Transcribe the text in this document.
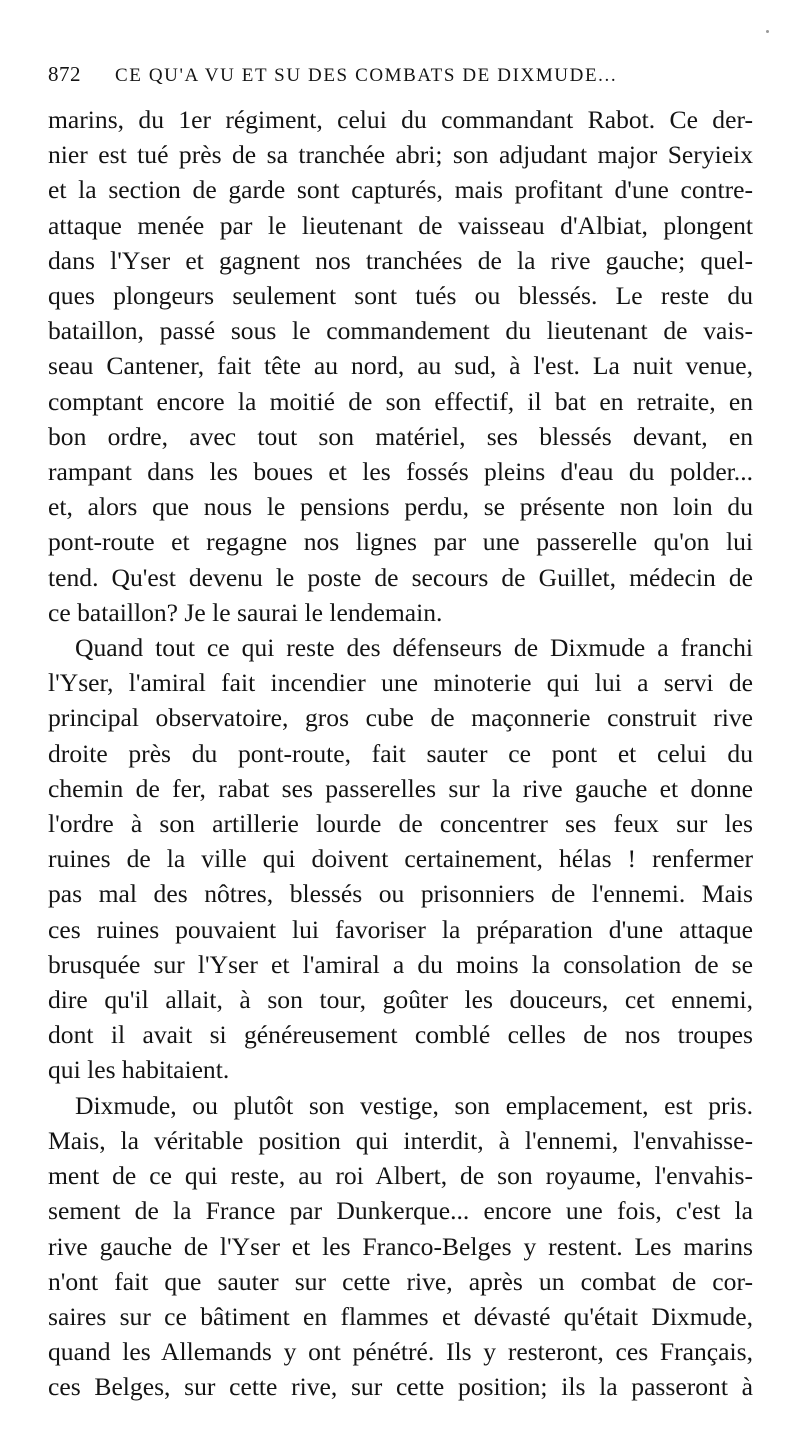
872 CE QU'A VU ET SU DES COMBATS DE DIXMUDE...

marins, du 1er régiment, celui du commandant Rabot. Ce der-

nier est tué près de sa tranchée abri; son adjudant major Seryieix

et la section de garde sont capturés, mais profitant d'une contre-

attaque menée par le lieutenant de vaisseau d'Albiat, plongent

dans l'Yser et gagnent nos tranchées de la rive gauche; quel-

ques plongeurs seulement sont tués ou blessés. Le reste du

bataillon, passé sous le commandement du lieutenant de vais-

seau Cantener, fait tête au nord, au sud, à l'est. La nuit venue,

comptant encore la moitié de son effectif, il bat en retraite, en

bon ordre, avec tout son matériel, ses blessés devant, en

rampant dans les boues et les fossés pleins d'eau du polder...

et, alors que nous le pensions perdu, se présente non loin du

pont-route et regagne nos lignes par une passerelle qu'on lui

tend. Qu'est devenu le poste de secours de Guillet, médecin de

ce bataillon? Je le saurai le lendemain.

Quand tout ce qui reste des défenseurs de Dixmude a franchi

l'Yser, l'amiral fait incendier une minoterie qui lui a servi de

principal observatoire, gros cube de maçonnerie construit rive

droite près du pont-route, fait sauter ce pont et celui du

chemin de fer, rabat ses passerelles sur la rive gauche et donne

l'ordre à son artillerie lourde de concentrer ses feux sur les

ruines de la ville qui doivent certainement, hélas ! renfermer

pas mal des nôtres, blessés ou prisonniers de l'ennemi. Mais

ces ruines pouvaient lui favoriser la préparation d'une attaque

brusquée sur l'Yser et l'amiral a du moins la consolation de se

dire qu'il allait, à son tour, goûter les douceurs, cet ennemi,

dont il avait si généreusement comblé celles de nos troupes

qui les habitaient.

Dixmude, ou plutôt son vestige, son emplacement, est pris.

Mais, la véritable position qui interdit, à l'ennemi, l'envahisse-

ment de ce qui reste, au roi Albert, de son royaume, l'envahis-

sement de la France par Dunkerque... encore une fois, c'est la

rive gauche de l'Yser et les Franco-Belges y restent. Les marins

n'ont fait que sauter sur cette rive, après un combat de cor-

saires sur ce bâtiment en flammes et dévasté qu'était Dixmude,

quand les Allemands y ont pénétré. Ils y resteront, ces Français,

ces Belges, sur cette rive, sur cette position; ils la passeront à
